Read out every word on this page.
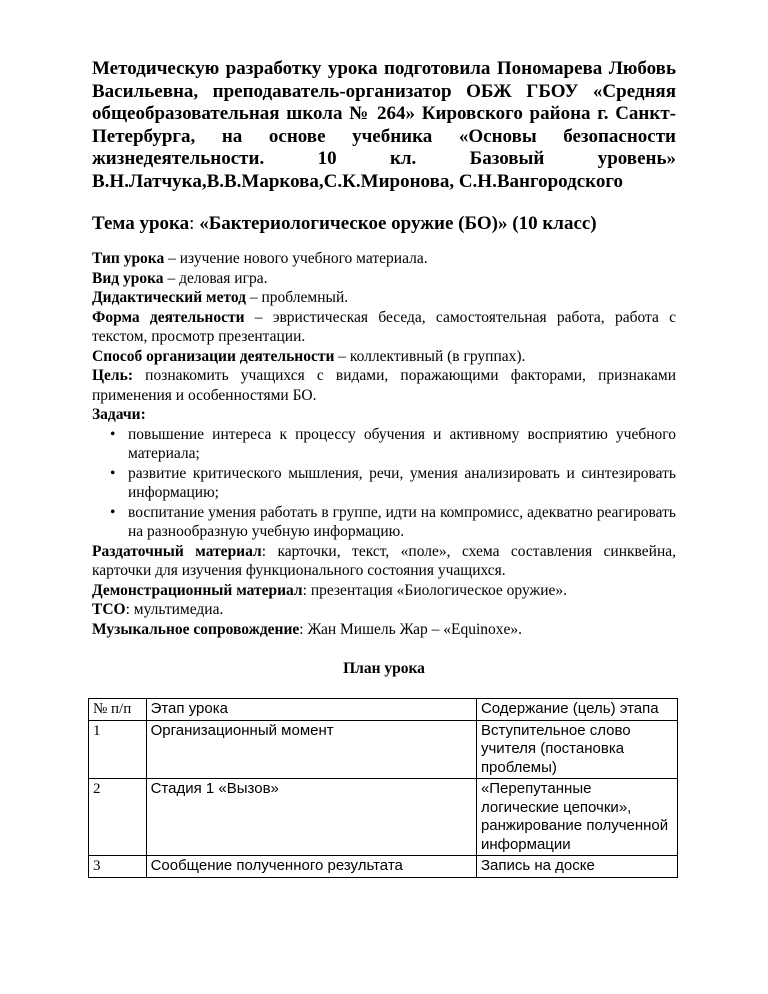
Методическую разработку урока подготовила Пономарева Любовь Васильевна, преподаватель-организатор ОБЖ ГБОУ «Средняя общеобразовательная школа № 264» Кировского района г. Санкт-Петербурга, на основе учебника «Основы безопасности жизнедеятельности. 10 кл. Базовый уровень» В.Н.Латчука,В.В.Маркова,С.К.Миронова, С.Н.Вангородского

Тема урока: «Бактериологическое оружие (БО)» (10 класс)

Тип урока – изучение нового учебного материала.

Вид урока – деловая игра.

Дидактический метод – проблемный.

Форма деятельности – эвристическая беседа, самостоятельная работа, работа с текстом, просмотр презентации.

Способ организации деятельности – коллективный (в группах).

Цель: познакомить учащихся с видами, поражающими факторами, признаками применения и особенностями БО.

Задачи:

• повышение интереса к процессу обучения и активному восприятию учебного материала;
• развитие критического мышления, речи, умения анализировать и синтезировать информацию;
• воспитание умения работать в группе, идти на компромисс, адекватно реагировать на разнообразную учебную информацию.

Раздаточный материал: карточки, текст, «поле», схема составления синквейна, карточки для изучения функционального состояния учащихся.

Демонстрационный материал: презентация «Биологическое оружие».

ТСО: мультимедиа.

Музыкальное сопровождение: Жан Мишель Жар – «Equinoxe».

План урока

№ п/п	Этап урока	Содержание (цель) этапа
1	Организационный момент	Вступительное слово учителя (постановка проблемы)
2	Стадия 1 «Вызов»	«Перепутанные логические цепочки», ранжирование полученной информации
3	Сообщение полученного результата	Запись на доске
